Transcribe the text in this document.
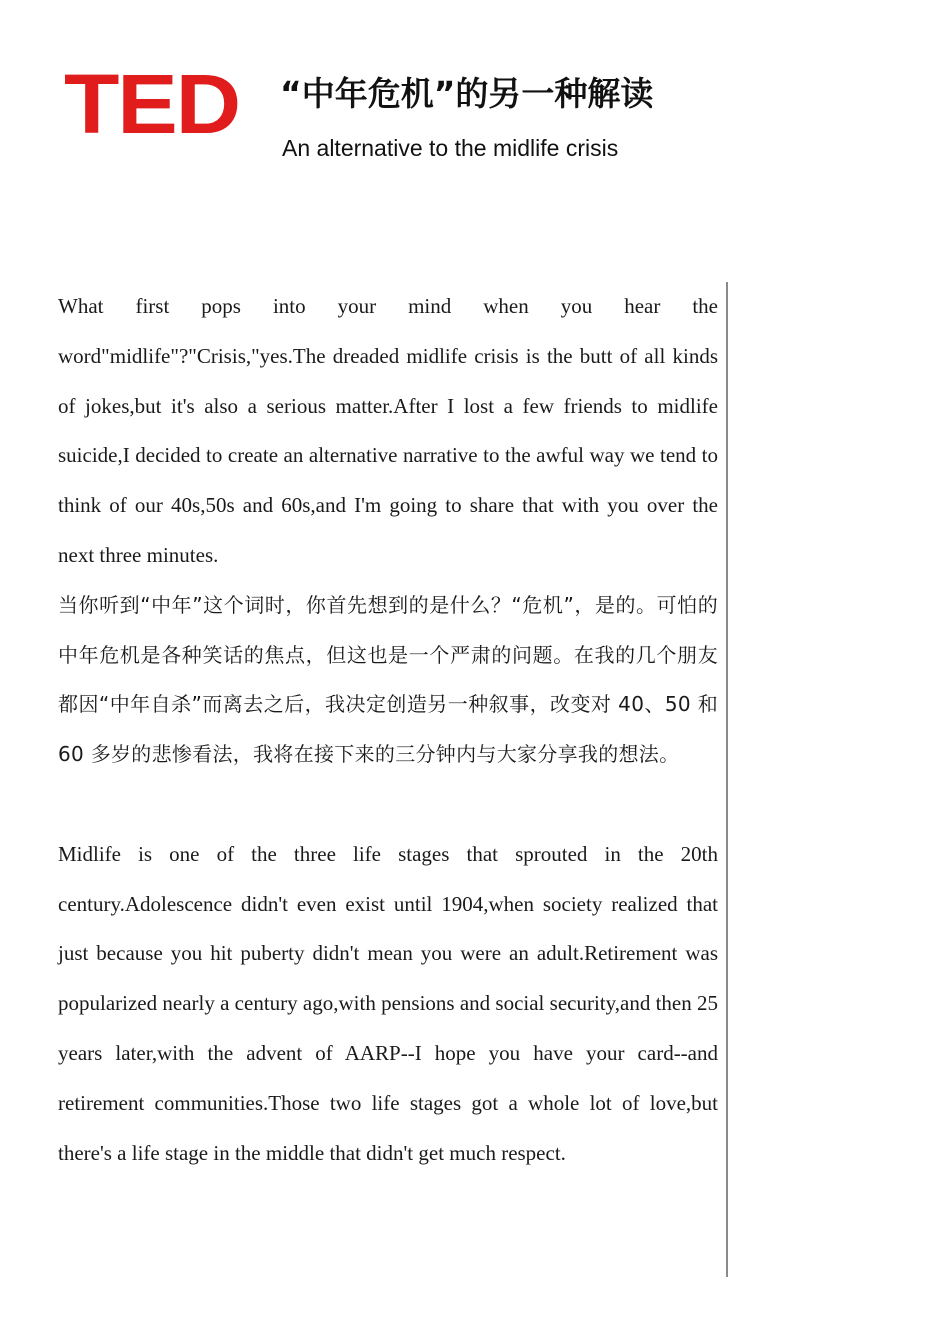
TED “中年危机”的另一种解读
An alternative to the midlife crisis

What first pops into your mind when you hear the word"midlife"?"Crisis,"yes.The dreaded midlife crisis is the butt of all kinds of jokes,but it's also a serious matter.After I lost a few friends to midlife suicide,I decided to create an alternative narrative to the awful way we tend to think of our 40s,50s and 60s,and I'm going to share that with you over the next three minutes.

当你听到“中年”这个词时，你首先想到的是什么？“危机”，是的。可怕的中年危机是各种笑话的焦点，但这也是一个严肃的问题。在我的几个朋友都因“中年自杀”而离去之后，我决定创造另一种叙事，改变对 40、50 和 60 多岁的悲惨看法，我将在接下来的三分钟内与大家分享我的想法。

Midlife is one of the three life stages that sprouted in the 20th century.Adolescence didn't even exist until 1904,when society realized that just because you hit puberty didn't mean you were an adult.Retirement was popularized nearly a century ago,with pensions and social security,and then 25 years later,with the advent of AARP--I hope you have your card--and retirement communities.Those two life stages got a whole lot of love,but there's a life stage in the middle that didn't get much respect.
